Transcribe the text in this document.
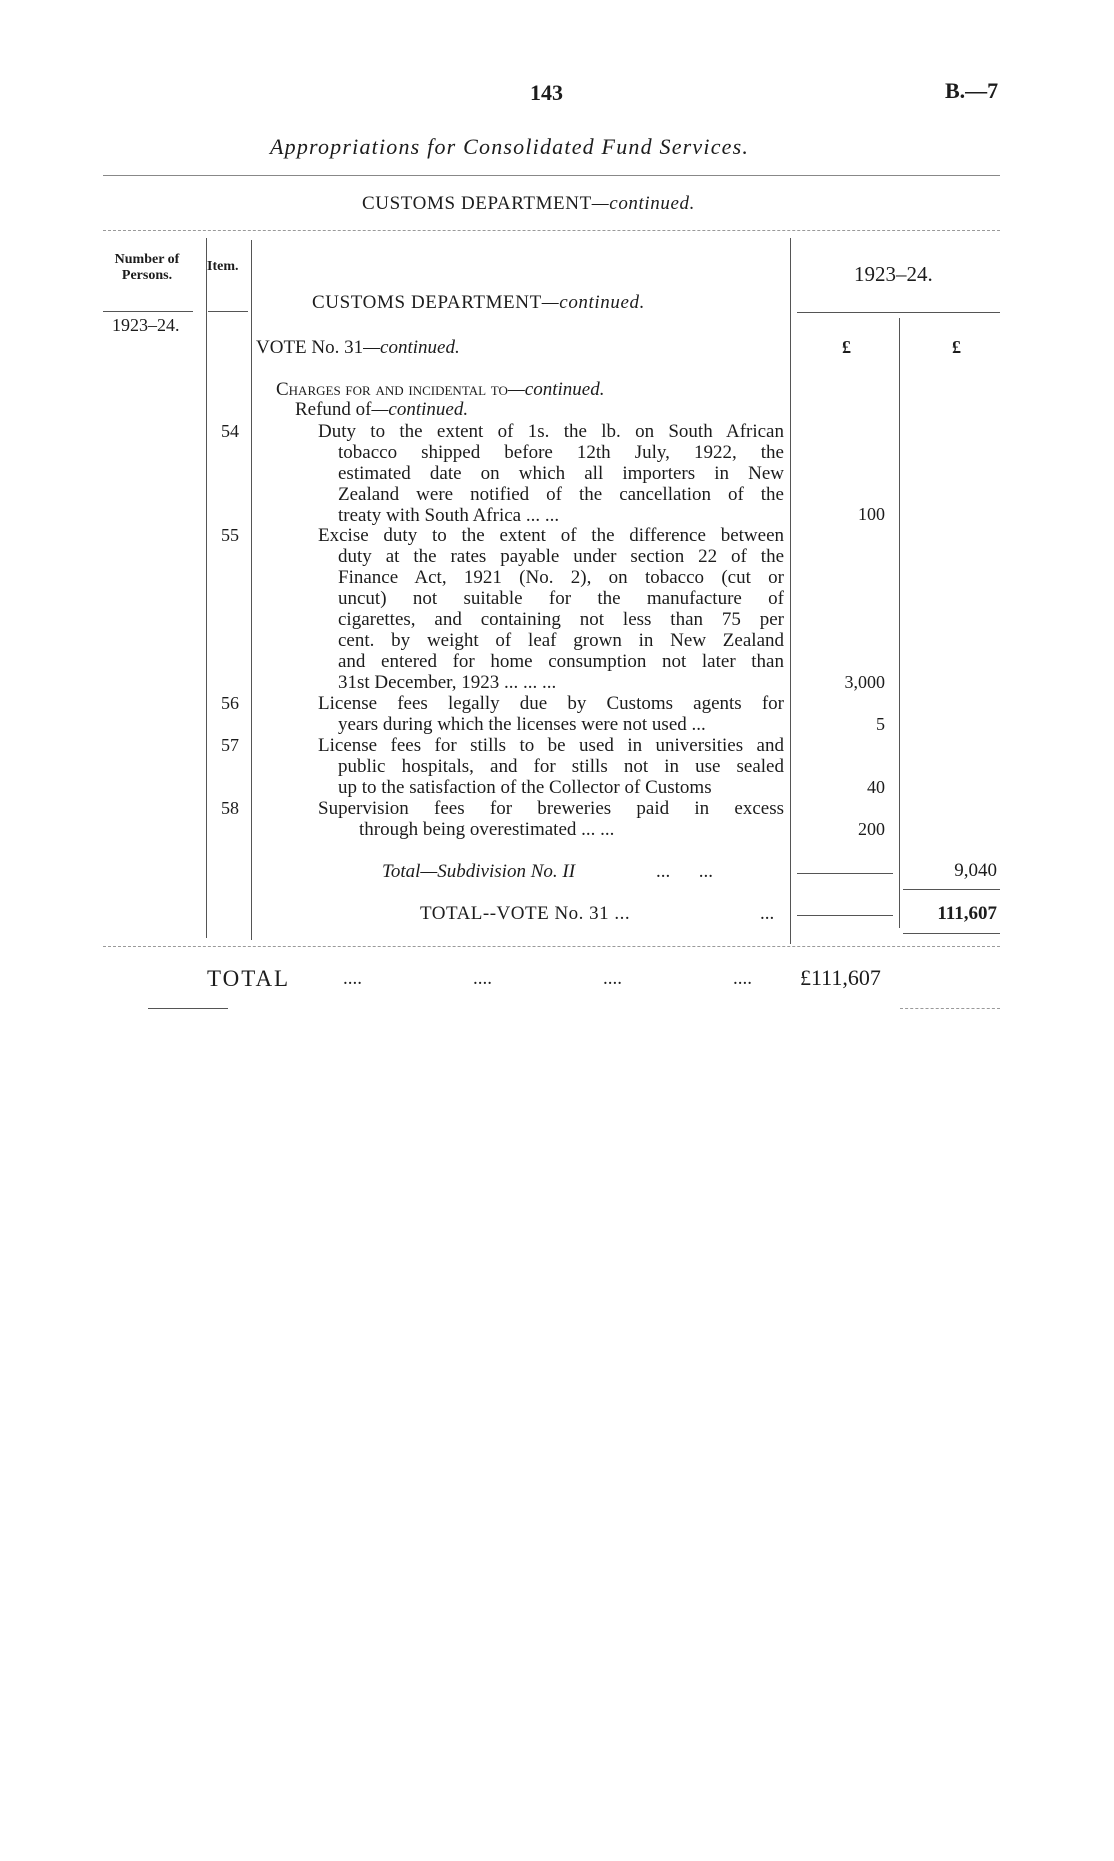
143	B.—7
Appropriations for Consolidated Fund Services.
CUSTOMS DEPARTMENT—continued.
Number of Persons.
Item.	1923–24.
1923–24.
CUSTOMS DEPARTMENT—continued.
VOTE No. 31—continued.	£	£
Charges for and incidental to—continued.
Refund of—continued.
54	Duty to the extent of 1s. the lb. on South African
tobacco shipped before 12th July, 1922, the
estimated date on which all importers in New
Zealand were notified of the cancellation of the
treaty with South Africa ... ...	100
55	Excise duty to the extent of the difference between
duty at the rates payable under section 22 of the
Finance Act, 1921 (No. 2), on tobacco (cut or
uncut) not suitable for the manufacture of
cigarettes, and containing not less than 75 per
cent. by weight of leaf grown in New Zealand
and entered for home consumption not later than
31st December, 1923 ... ... ...	3,000
56	License fees legally due by Customs agents for
years during which the licenses were not used ...	5
57	License fees for stills to be used in universities and
public hospitals, and for stills not in use sealed
up to the satisfaction of the Collector of Customs	40
58	Supervision fees for breweries paid in excess
through being overestimated ... ...	200
Total—Subdivision No. II	...      ...	9,040
TOTAL--VOTE No. 31 ...	...	111,607
TOTAL	....	....	....	.... £111,607
